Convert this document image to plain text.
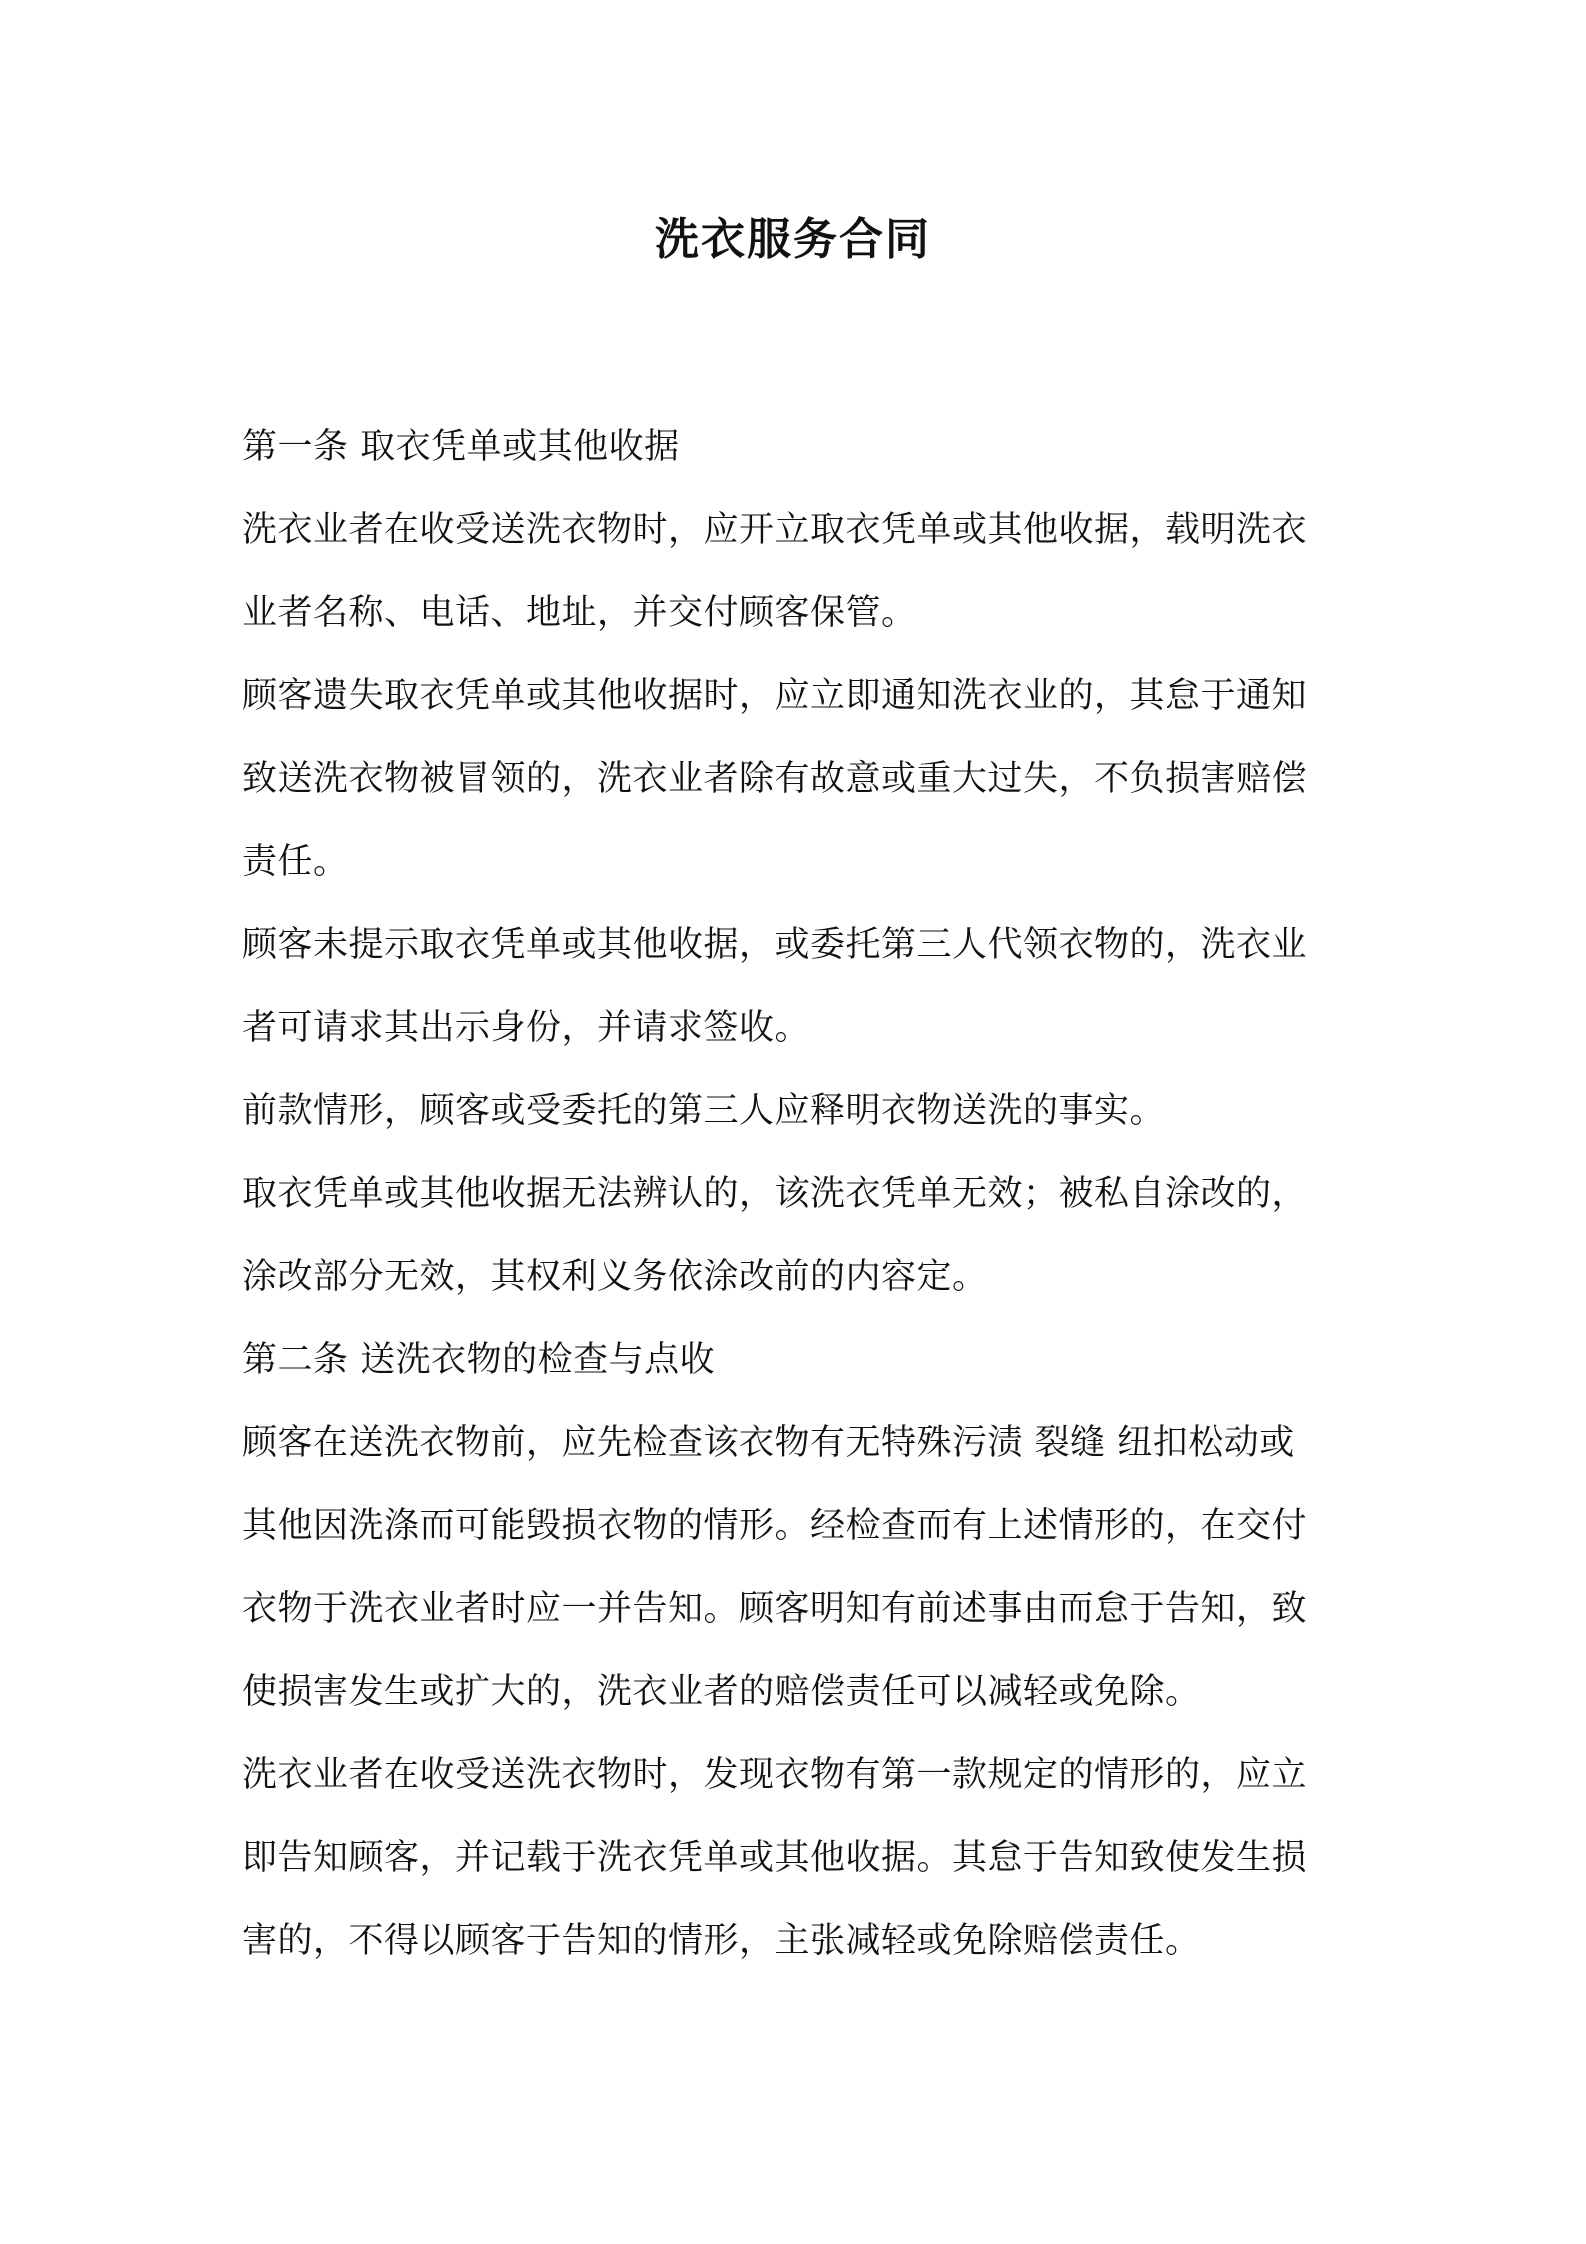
洗衣服务合同

第一条 取衣凭单或其他收据

洗衣业者在收受送洗衣物时，应开立取衣凭单或其他收据，载明洗衣

业者名称、电话、地址，并交付顾客保管。

顾客遗失取衣凭单或其他收据时，应立即通知洗衣业的，其怠于通知

致送洗衣物被冒领的，洗衣业者除有故意或重大过失，不负损害赔偿

责任。

顾客未提示取衣凭单或其他收据，或委托第三人代领衣物的，洗衣业

者可请求其出示身份，并请求签收。

前款情形，顾客或受委托的第三人应释明衣物送洗的事实。

取衣凭单或其他收据无法辨认的，该洗衣凭单无效；被私自涂改的，

涂改部分无效，其权利义务依涂改前的内容定。

第二条 送洗衣物的检查与点收

顾客在送洗衣物前，应先检查该衣物有无特殊污渍 裂缝 纽扣松动或

其他因洗涤而可能毁损衣物的情形。经检查而有上述情形的，在交付

衣物于洗衣业者时应一并告知。顾客明知有前述事由而怠于告知，致

使损害发生或扩大的，洗衣业者的赔偿责任可以减轻或免除。

洗衣业者在收受送洗衣物时，发现衣物有第一款规定的情形的，应立

即告知顾客，并记载于洗衣凭单或其他收据。其怠于告知致使发生损

害的，不得以顾客于告知的情形，主张减轻或免除赔偿责任。
